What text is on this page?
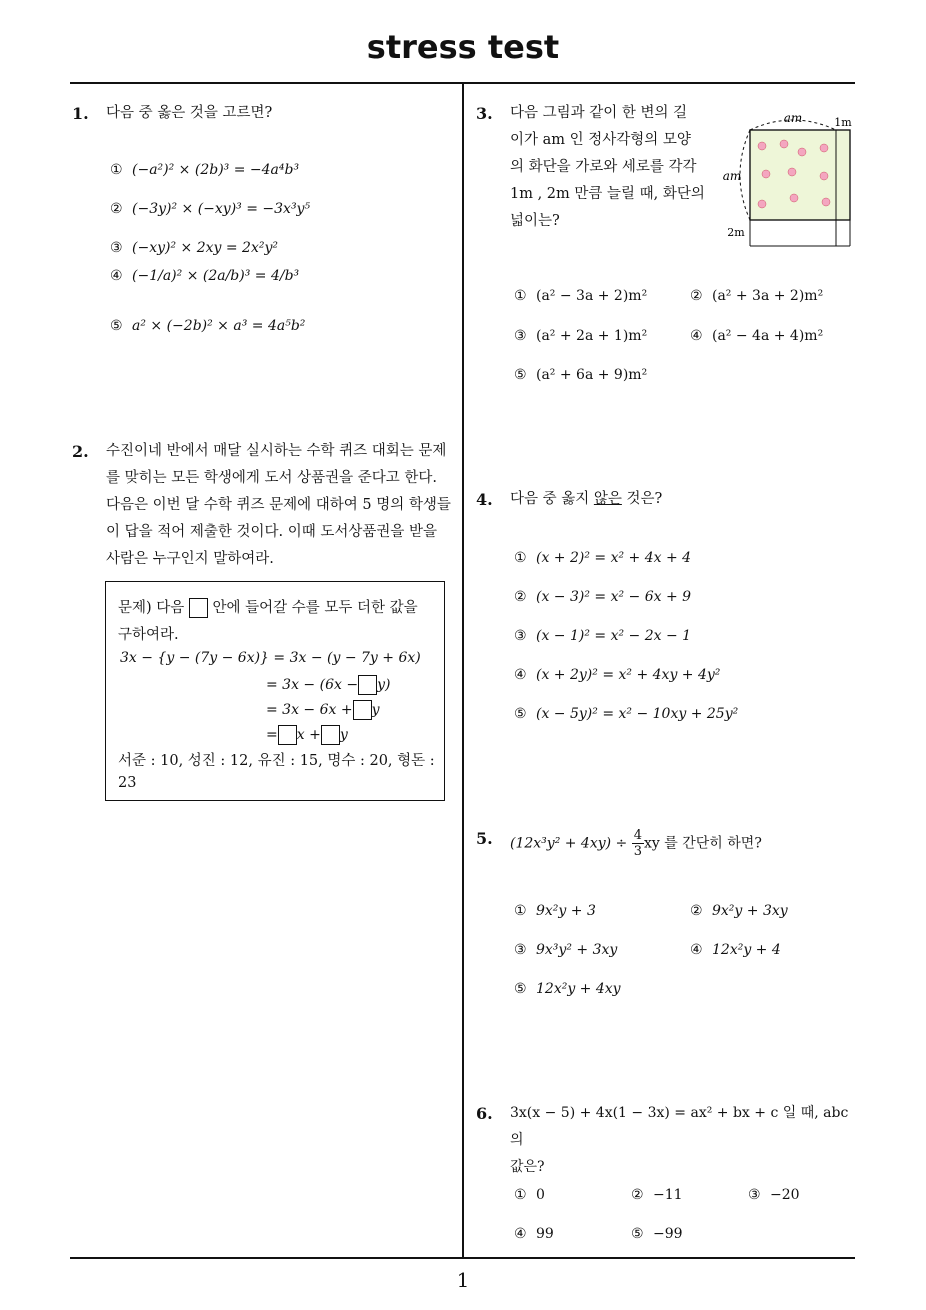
stress test
1
1. 다음 중 옳은 것을 고르면?
① (−a²)² × (2b)³ = −4a⁴b³
② (−3y)² × (−xy)³ = −3x³y⁵
③ (−xy)² × 2xy = 2x²y²
④ (−1/a)² × (2a/b)³ = 4/b³
⑤ a² × (−2b)² × a³ = 4a⁵b²
2. 수진이네 반에서 매달 실시하는 수학 퀴즈 대회는 문제
를 맞히는 모든 학생에게 도서 상품권을 준다고 한다.
다음은 이번 달 수학 퀴즈 문제에 대하여 5 명의 학생들
이 답을 적어 제출한 것이다. 이때 도서상품권을 받을
사람은 누구인지 말하여라.
문제) 다음 안에 들어갈 수를 모두 더한 값을
구하여라.
3x − {y − (7y − 6x)} = 3x − (y − 7y + 6x)
= 3x − (6x − y)
= 3x − 6x + y
= x + y
서준 : 10, 성진 : 12, 유진 : 15, 명수 : 20, 형돈 :
23
3. 다음 그림과 같이 한 변의 길
이가 am 인 정사각형의 모양
의 화단을 가로와 세로를 각각
1m , 2m 만큼 늘릴 때, 화단의
넓이는?
am	1m
am
2m
① (a² − 3a + 2)m²	② (a² + 3a + 2)m²
③ (a² + 2a + 1)m²	④ (a² − 4a + 4)m²
⑤ (a² + 6a + 9)m²
4. 다음 중 옳지 않은 것은?
① (x + 2)² = x² + 4x + 4
② (x − 3)² = x² − 6x + 9
③ (x − 1)² = x² − 2x − 1
④ (x + 2y)² = x² + 4xy + 4y²
⑤ (x − 5y)² = x² − 10xy + 25y²
5. $(12x^3y^2 + 4xy) \div \frac{4}{3}$ xy 를 간단히 하면?
① 9x²y + 3	② 9x²y + 3xy
③ 9x³y² + 3xy	④ 12x²y + 4
⑤ 12x²y + 4xy
6. 3x(x − 5) + 4x(1 − 3x) = ax² + bx + c 일 때, abc 의
값은?
① 0	② −11	③ −20
④ 99	⑤ −99
